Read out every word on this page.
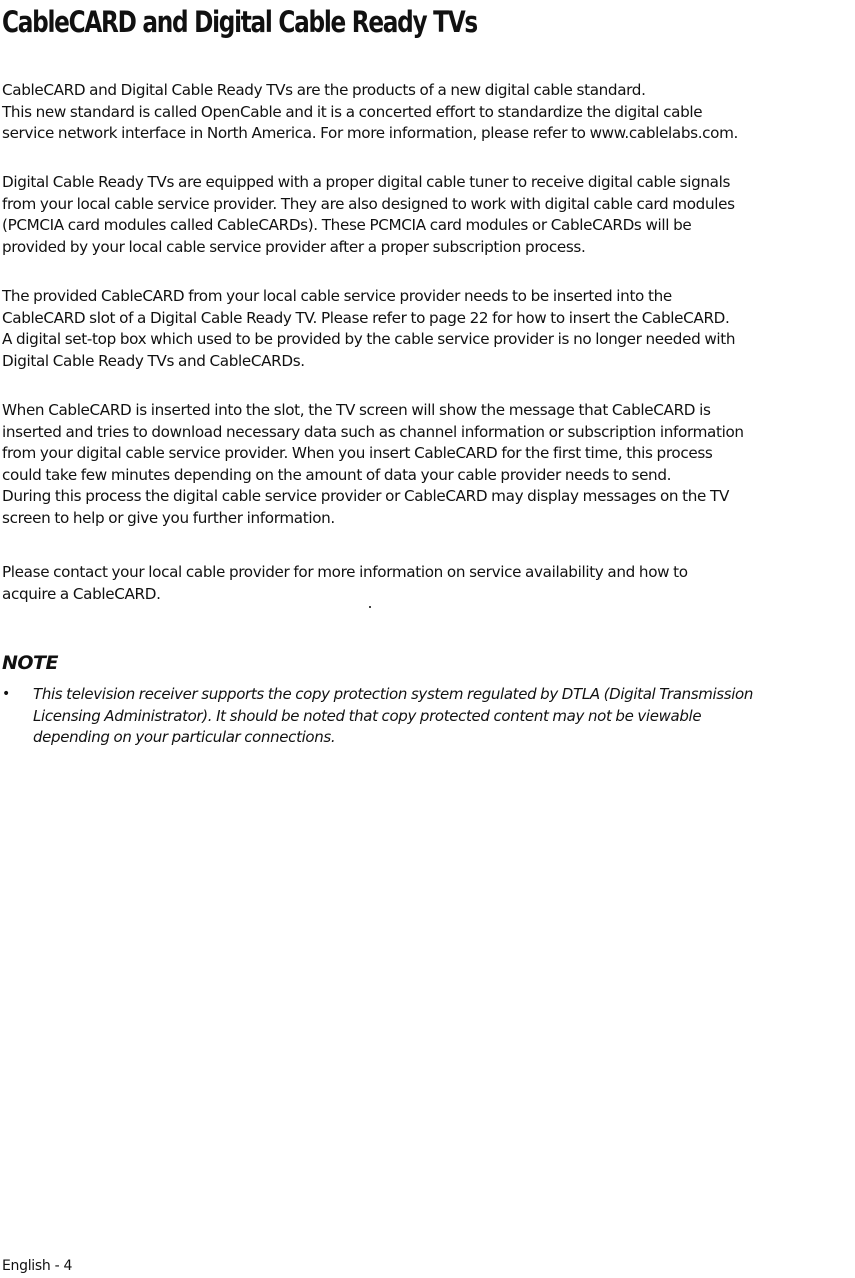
CableCARD and Digital Cable Ready TVs
CableCARD and Digital Cable Ready TVs are the products of a new digital cable standard.
This new standard is called OpenCable and it is a concerted effort to standardize the digital cable
service network interface in North America. For more information, please refer to www.cablelabs.com.
Digital Cable Ready TVs are equipped with a proper digital cable tuner to receive digital cable signals
from your local cable service provider. They are also designed to work with digital cable card modules
(PCMCIA card modules called CableCARDs). These PCMCIA card modules or CableCARDs will be
provided by your local cable service provider after a proper subscription process.
The provided CableCARD from your local cable service provider needs to be inserted into the
CableCARD slot of a Digital Cable Ready TV. Please refer to page 22 for how to insert the CableCARD.
A digital set-top box which used to be provided by the cable service provider is no longer needed with
Digital Cable Ready TVs and CableCARDs.
When CableCARD is inserted into the slot, the TV screen will show the message that CableCARD is
inserted and tries to download necessary data such as channel information or subscription information
from your digital cable service provider. When you insert CableCARD for the first time, this process
could take few minutes depending on the amount of data your cable provider needs to send.
During this process the digital cable service provider or CableCARD may display messages on the TV
screen to help or give you further information.
Please contact your local cable provider for more information on service availability and how to
acquire a CableCARD.
NOTE
•	This television receiver supports the copy protection system regulated by DTLA (Digital Transmission
Licensing Administrator). It should be noted that copy protected content may not be viewable
depending on your particular connections.
English - 4
